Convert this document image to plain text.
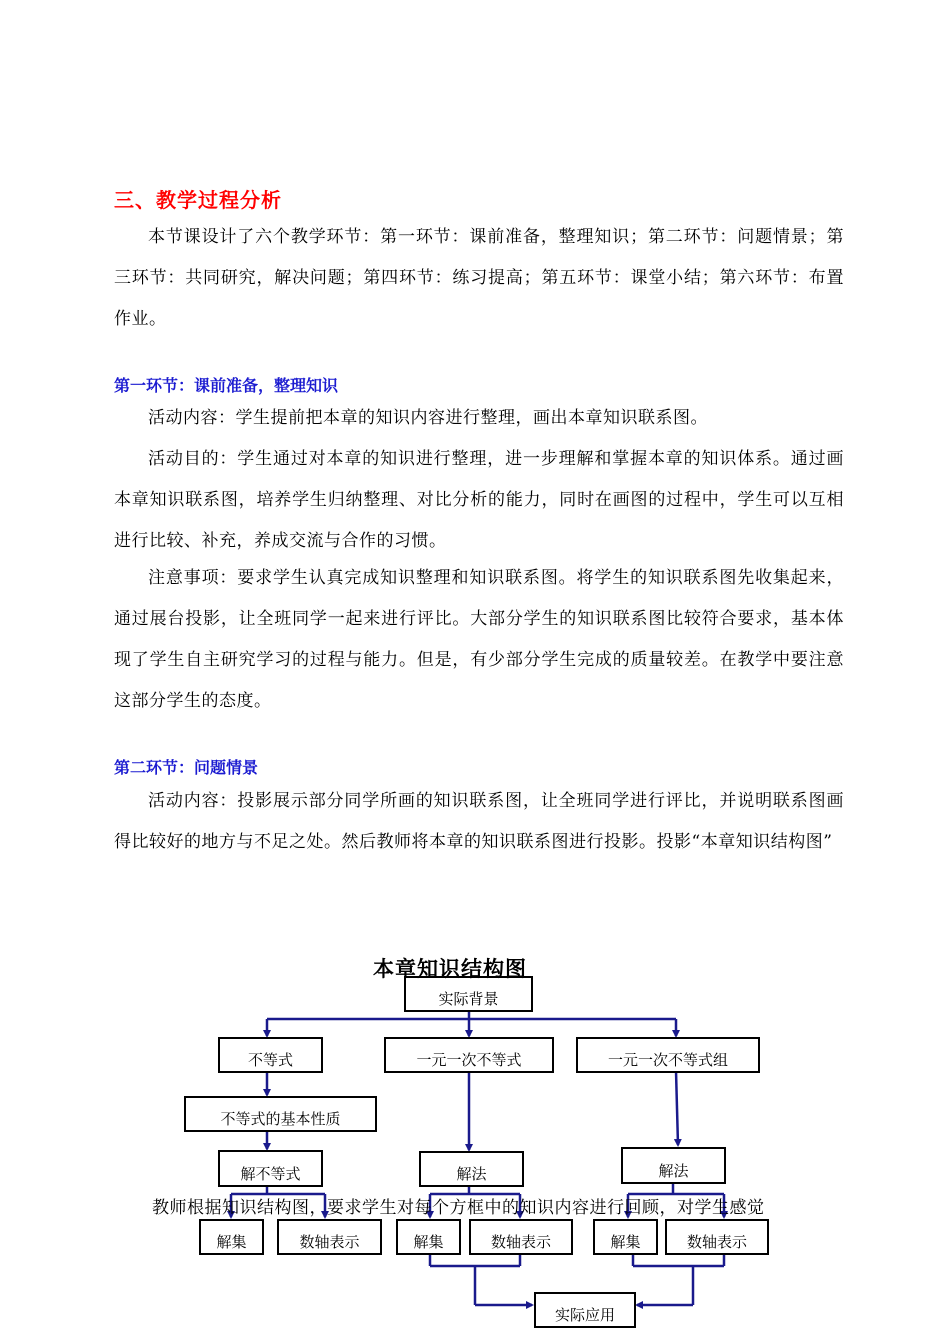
三、教学过程分析

本节课设计了六个教学环节：第一环节：课前准备，整理知识；第二环节：问题情景；第三环节：共同研究，解决问题；第四环节：练习提高；第五环节：课堂小结；第六环节：布置作业。

第一环节：课前准备，整理知识

活动内容：学生提前把本章的知识内容进行整理，画出本章知识联系图。

活动目的：学生通过对本章的知识进行整理，进一步理解和掌握本章的知识体系。通过画本章知识联系图，培养学生归纳整理、对比分析的能力，同时在画图的过程中，学生可以互相进行比较、补充，养成交流与合作的习惯。

注意事项：要求学生认真完成知识整理和知识联系图。将学生的知识联系图先收集起来，通过展台投影，让全班同学一起来进行评比。大部分学生的知识联系图比较符合要求，基本体现了学生自主研究学习的过程与能力。但是，有少部分学生完成的质量较差。在教学中要注意这部分学生的态度。

第二环节：问题情景

活动内容：投影展示部分同学所画的知识联系图，让全班同学进行评比，并说明联系图画得比较好的地方与不足之处。然后教师将本章的知识联系图进行投影。投影“本章知识结构图”

本章知识结构图
实际背景
不等式	一元一次不等式	一元一次不等式组
不等式的基本性质
解不等式	解法	解法
解集	数轴表示	解集	数轴表示	解集	数轴表示
实际应用
教师根据知识结构图，要求学生对每个方框中的知识内容进行回顾，对学生感觉
